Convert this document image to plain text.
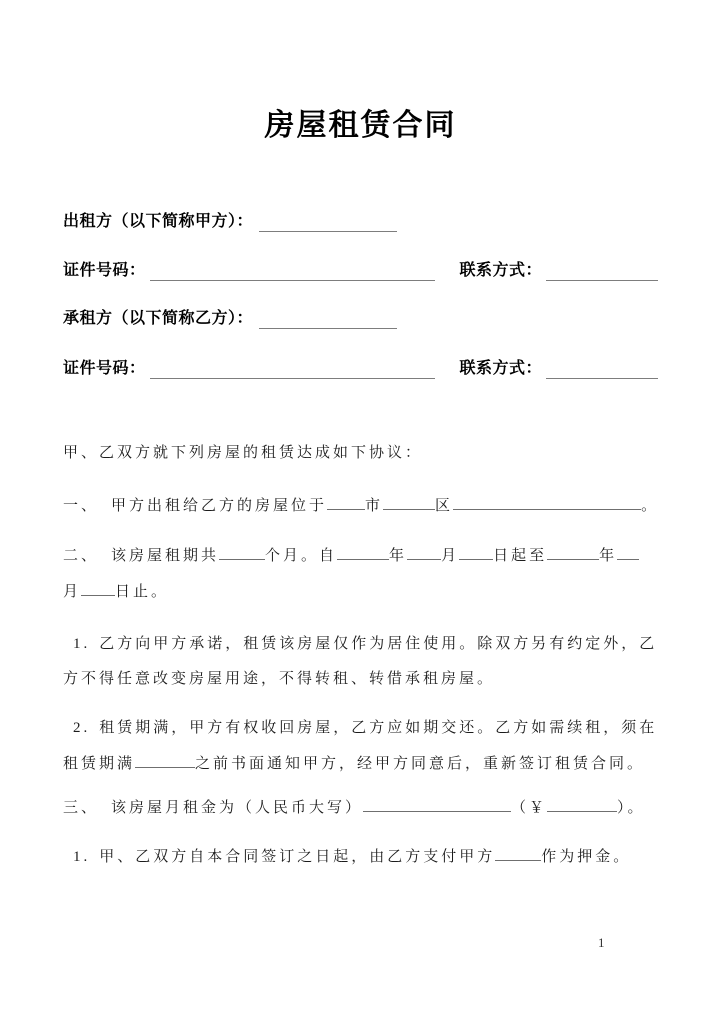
房屋租赁合同
出租方（以下简称甲方）：
证件号码：	联系方式：
承租方（以下简称乙方）：
证件号码：	联系方式：
甲、乙双方就下列房屋的租赁达成如下协议：
一、 甲方出租给乙方的房屋位于	市	区	。
二、 该房屋租期共	个月。自	年 月 日起至	年
月 日止。
1. 乙方向甲方承诺，租赁该房屋仅作为居住使用。除双方另有约定外，乙
方不得任意改变房屋用途，不得转租、转借承租房屋。
2. 租赁期满，甲方有权收回房屋，乙方应如期交还。乙方如需续租，须在
租赁期满	之前书面通知甲方，经甲方同意后，重新签订租赁合同。
三、 该房屋月租金为（人民币大写）	（￥	）。
1. 甲、乙双方自本合同签订之日起，由乙方支付甲方	作为押金。
1
